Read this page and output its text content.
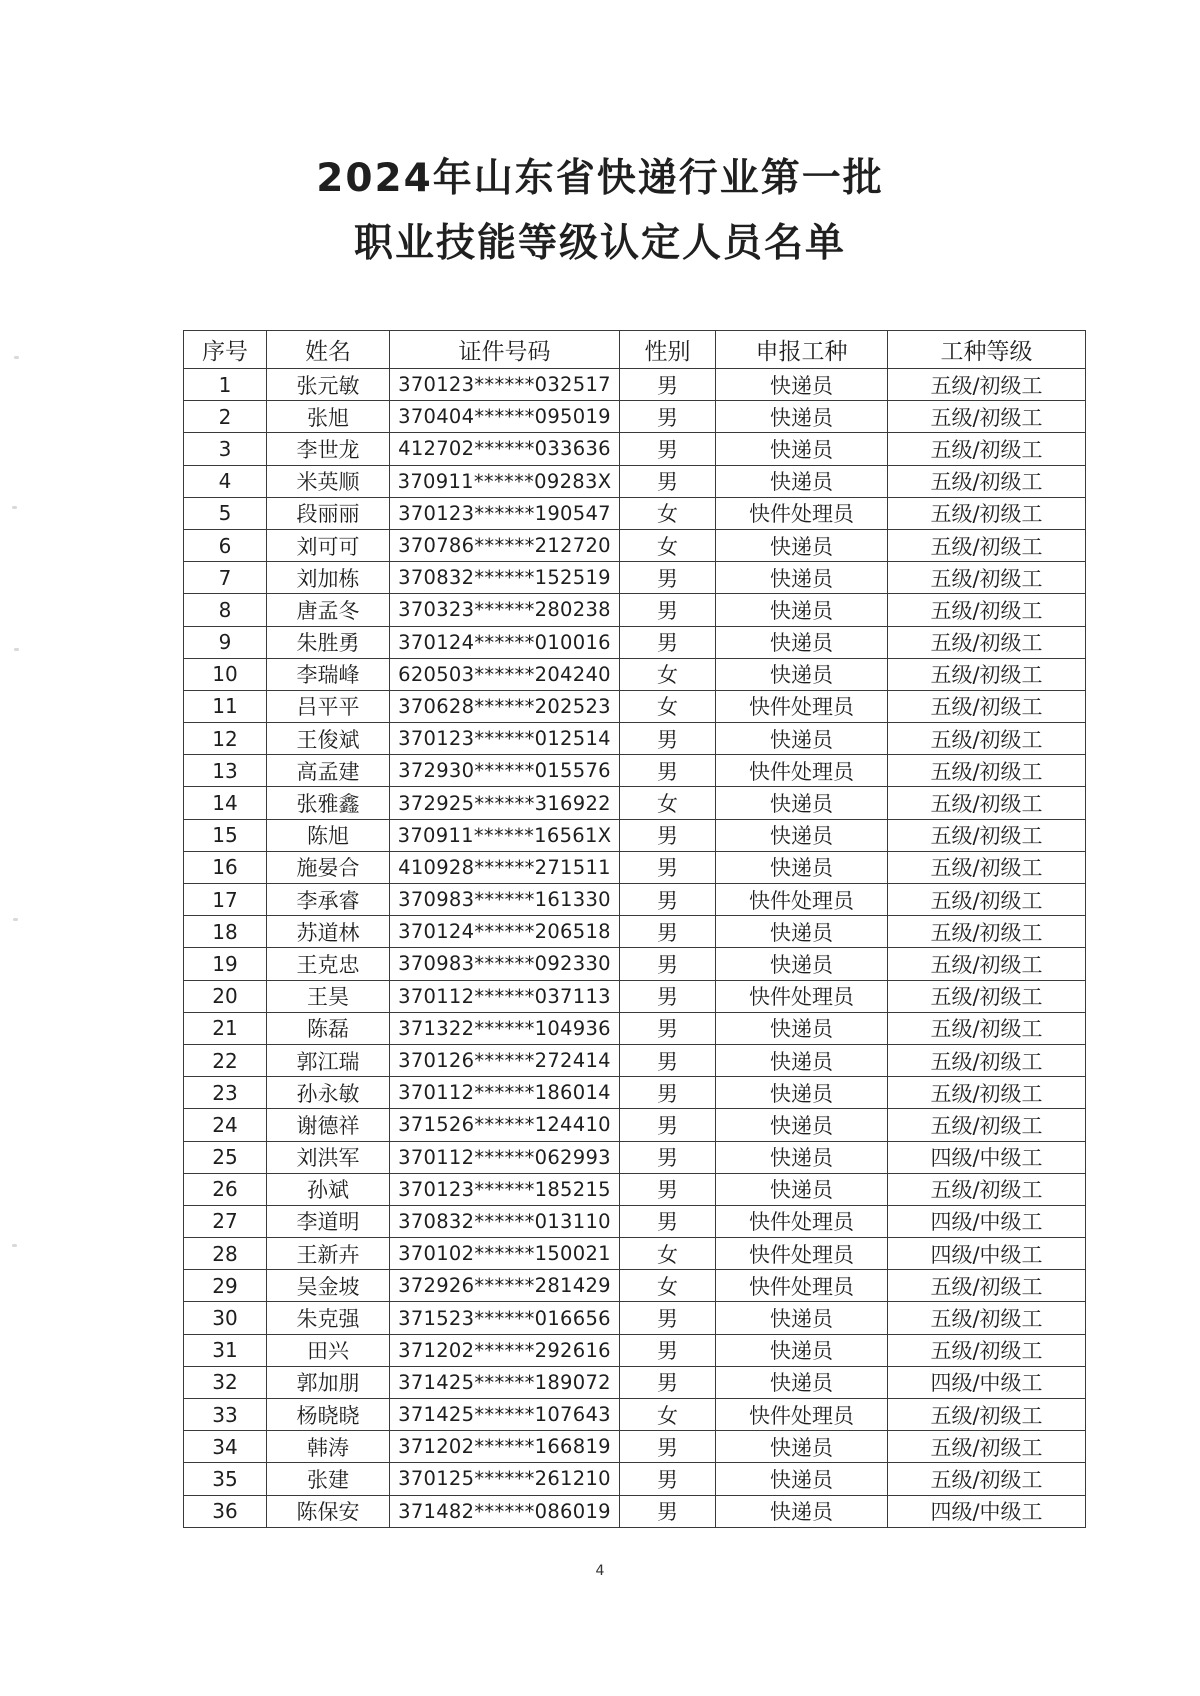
2024年山东省快递行业第一批
职业技能等级认定人员名单
序号	姓名	证件号码	性别	申报工种	工种等级
1	张元敏	370123******032517	男	快递员	五级/初级工
2	张旭	370404******095019	男	快递员	五级/初级工
3	李世龙	412702******033636	男	快递员	五级/初级工
4	米英顺	370911******09283X	男	快递员	五级/初级工
5	段丽丽	370123******190547	女	快件处理员	五级/初级工
6	刘可可	370786******212720	女	快递员	五级/初级工
7	刘加栋	370832******152519	男	快递员	五级/初级工
8	唐孟冬	370323******280238	男	快递员	五级/初级工
9	朱胜勇	370124******010016	男	快递员	五级/初级工
10	李瑞峰	620503******204240	女	快递员	五级/初级工
11	吕平平	370628******202523	女	快件处理员	五级/初级工
12	王俊斌	370123******012514	男	快递员	五级/初级工
13	高孟建	372930******015576	男	快件处理员	五级/初级工
14	张雅鑫	372925******316922	女	快递员	五级/初级工
15	陈旭	370911******16561X	男	快递员	五级/初级工
16	施晏合	410928******271511	男	快递员	五级/初级工
17	李承睿	370983******161330	男	快件处理员	五级/初级工
18	苏道林	370124******206518	男	快递员	五级/初级工
19	王克忠	370983******092330	男	快递员	五级/初级工
20	王昊	370112******037113	男	快件处理员	五级/初级工
21	陈磊	371322******104936	男	快递员	五级/初级工
22	郭江瑞	370126******272414	男	快递员	五级/初级工
23	孙永敏	370112******186014	男	快递员	五级/初级工
24	谢德祥	371526******124410	男	快递员	五级/初级工
25	刘洪军	370112******062993	男	快递员	四级/中级工
26	孙斌	370123******185215	男	快递员	五级/初级工
27	李道明	370832******013110	男	快件处理员	四级/中级工
28	王新卉	370102******150021	女	快件处理员	四级/中级工
29	吴金坡	372926******281429	女	快件处理员	五级/初级工
30	朱克强	371523******016656	男	快递员	五级/初级工
31	田兴	371202******292616	男	快递员	五级/初级工
32	郭加朋	371425******189072	男	快递员	四级/中级工
33	杨晓晓	371425******107643	女	快件处理员	五级/初级工
34	韩涛	371202******166819	男	快递员	五级/初级工
35	张建	370125******261210	男	快递员	五级/初级工
36	陈保安	371482******086019	男	快递员	四级/中级工
4
